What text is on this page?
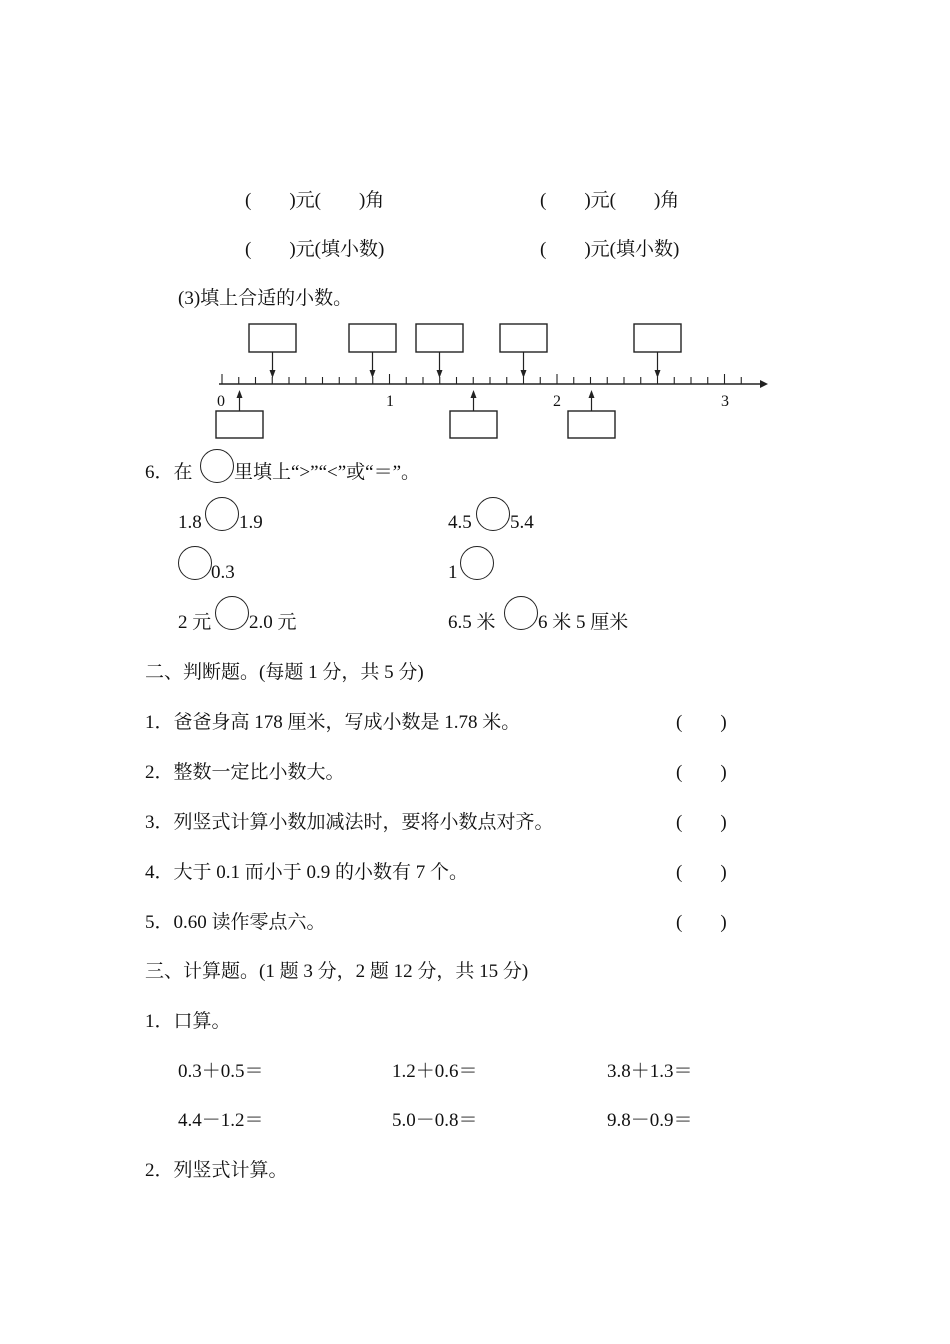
(        )元(        )角	(        )元(        )角
(        )元(填小数)	(        )元(填小数)
(3)填上合适的小数。
0	1	2	3
6．在 里填上“>”“<”或“＝”。
1.8 1.9	4.5 5.4
0.3	1
2 元 2.0 元	6.5 米 6 米 5 厘米
二、判断题。(每题 1 分，共 5 分)
1．爸爸身高 178 厘米，写成小数是 1.78 米。	(        )
2．整数一定比小数大。	(        )
3．列竖式计算小数加减法时，要将小数点对齐。	(        )
4．大于 0.1 而小于 0.9 的小数有 7 个。	(        )
5．0.60 读作零点六。	(        )
三、计算题。(1 题 3 分，2 题 12 分，共 15 分)
1．口算。
0.3＋0.5＝	1.2＋0.6＝	3.8＋1.3＝
4.4－1.2＝	5.0－0.8＝	9.8－0.9＝
2．列竖式计算。
